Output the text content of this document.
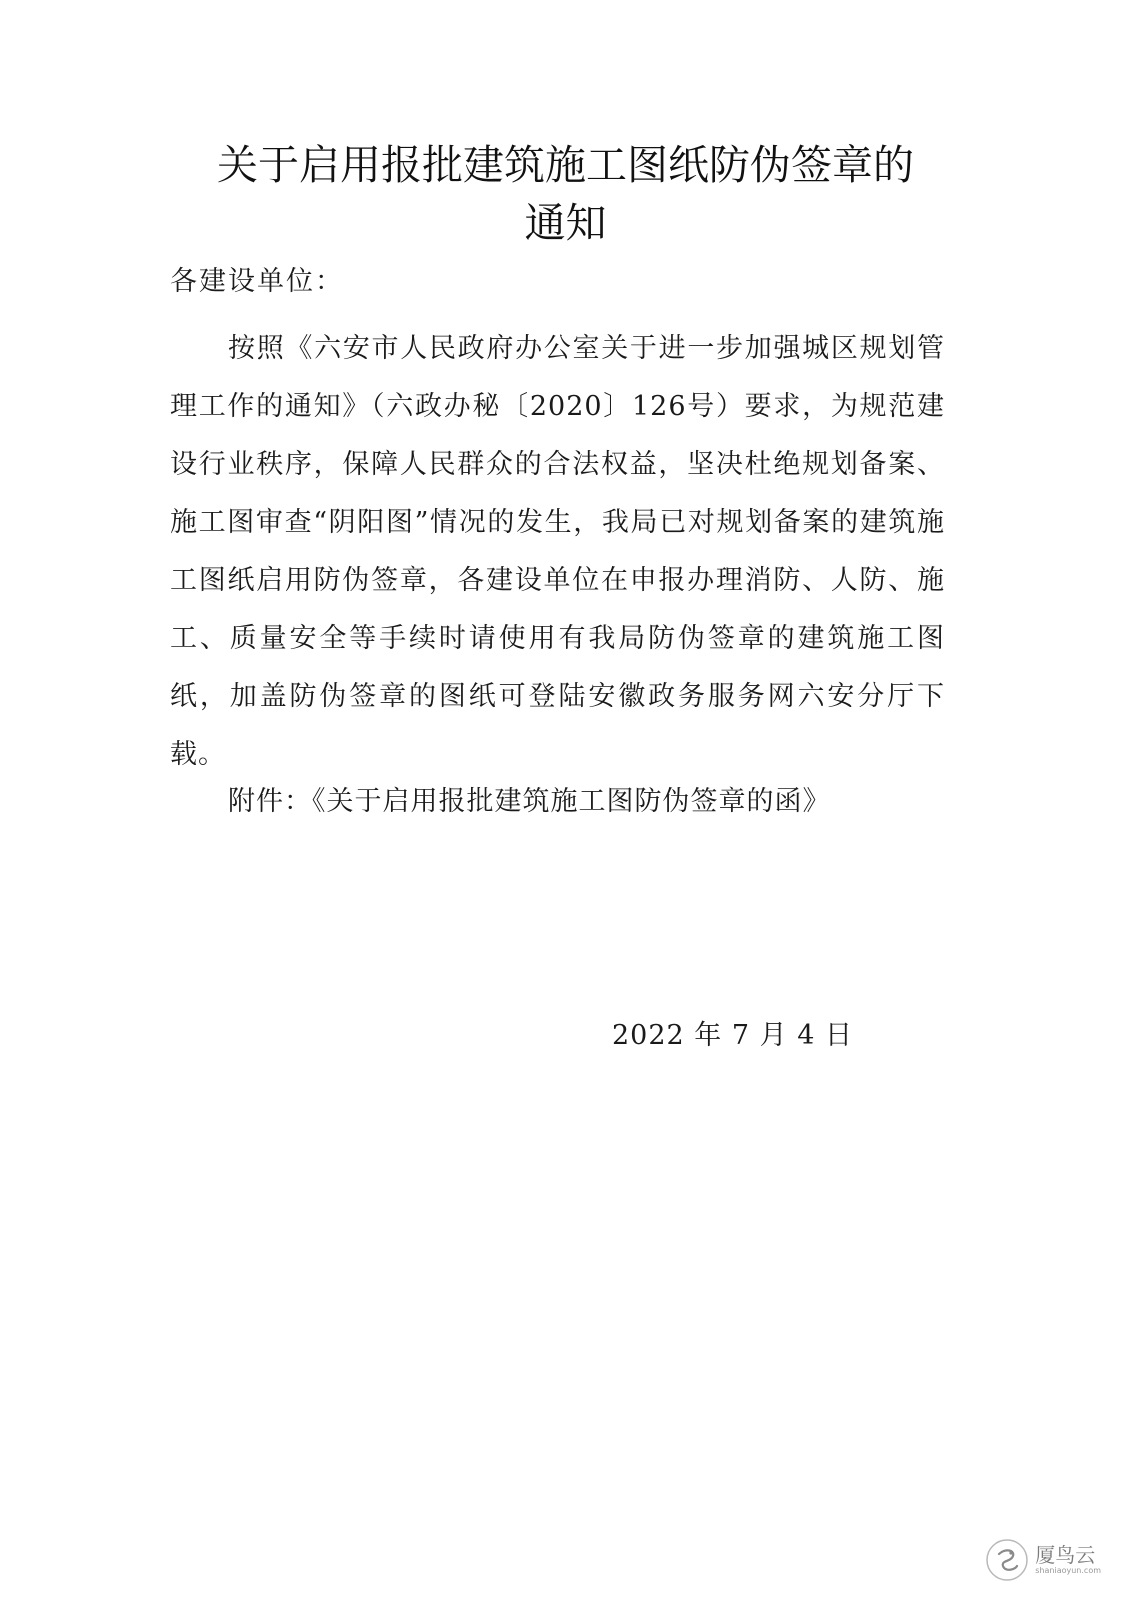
关于启用报批建筑施工图纸防伪签章的
通知
各建设单位：

按照《六安市人民政府办公室关于进一步加强城区规划管理工作的通知》（六政办秘〔2020〕126号）要求，为规范建设行业秩序，保障人民群众的合法权益，坚决杜绝规划备案、施工图审查“阴阳图”情况的发生，我局已对规划备案的建筑施工图纸启用防伪签章，各建设单位在申报办理消防、人防、施工、质量安全等手续时请使用有我局防伪签章的建筑施工图纸，加盖防伪签章的图纸可登陆安徽政务服务网六安分厅下载。

附件：《关于启用报批建筑施工图防伪签章的函》
2022 年 7 月 4 日
厦鸟云
shaniaoyun.com
